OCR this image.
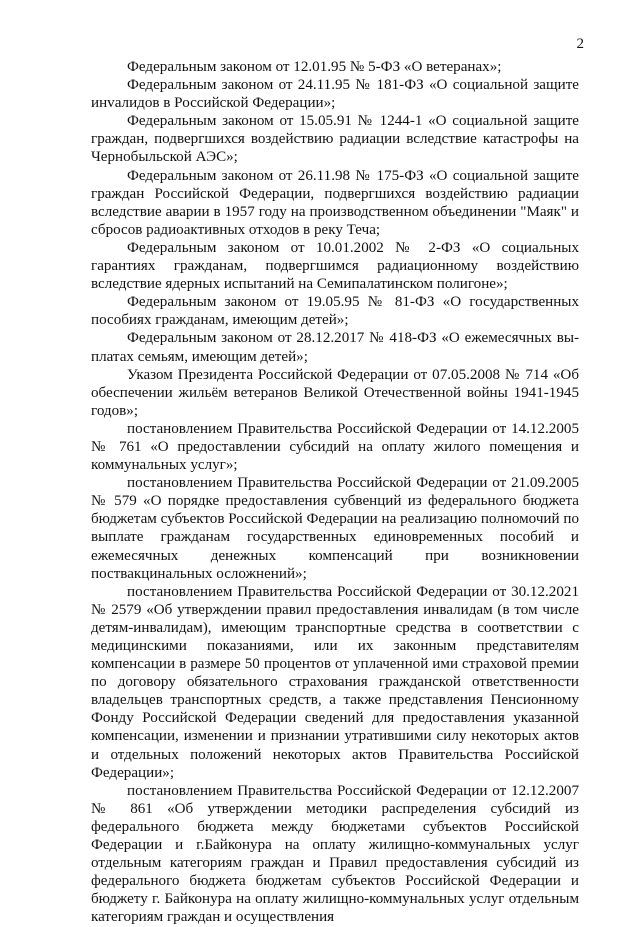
2

Федеральным законом от 12.01.95 № 5-ФЗ «О ветеранах»;

Федеральным законом от 24.11.95 № 181-ФЗ «О социальной защите инvалидов в Российской Федерации»;

Федеральным законом от 15.05.91 № 1244-1 «О социальной защите граждан, подвергшихся воздействию радиации вследствие катастрофы на Чернобыльской АЭС»;

Федеральным законом от 26.11.98 № 175-ФЗ «О социальной защите граждан Российской Федерации, подвергшихся воздействию радиации вследствие аварии в 1957 году на производственном объединении "Маяк" и сбросов радиоактивных отходов в реку Теча;

Федеральным законом от 10.01.2002 № 2-ФЗ «О социальных гарантиях гражданам, подвергшимся радиационному воздействию вследствие ядерных испытаний на Семипалатинском полигоне»;

Федеральным законом от 19.05.95 № 81-ФЗ «О государственных пособиях гражданам, имеющим детей»;

Федеральным законом от 28.12.2017 № 418-ФЗ «О ежемесячных выплатах семьям, имеющим детей»;

Указом Президента Российской Федерации от 07.05.2008 № 714 «Об обеспечении жильём ветеранов Великой Отечественной войны 1941-1945 годов»;

постановлением Правительства Российской Федерации от 14.12.2005 № 761 «О предоставлении субсидий на оплату жилого помещения и коммунальных услуг»;

постановлением Правительства Российской Федерации от 21.09.2005 № 579 «О порядке предоставления субвенций из федерального бюджета бюджетам субъектов Российской Федерации на реализацию полномочий по выплате гражданам государственных единовременных пособий и ежемесячных денежных компенсаций при возникновении поствакцинальных осложнений»;

постановлением Правительства Российской Федерации от 30.12.2021 № 2579 «Об утверждении правил предоставления инвалидам (в том числе детям-инвалидам), имеющим транспортные средства в соответствии с медицинскими показаниями, или их законным представителям компенсации в размере 50 процентов от уплаченной ими страховой премии по договору обязательного страхования гражданской ответственности владельцев транспортных средств, а также представления Пенсионному Фонду Российской Федерации сведений для предоставления указанной компенсации, изменении и признании утратившими силу некоторых актов и отдельных положений некоторых актов Правительства Российской Федерации»;

постановлением Правительства Российской Федерации от 12.12.2007 № 861 «Об утверждении методики распределения субсидий из федерального бюджета между бюджетами субъектов Российской Федерации и г.Байконура на оплату жилищно-коммунальных услуг отдельным категориям граждан и Правил предоставления субсидий из федерального бюджета бюджетам субъектов Российской Федерации и бюджету г. Байконура на оплату жилищно-коммунальных услуг отдельным категориям граждан и осуществления
